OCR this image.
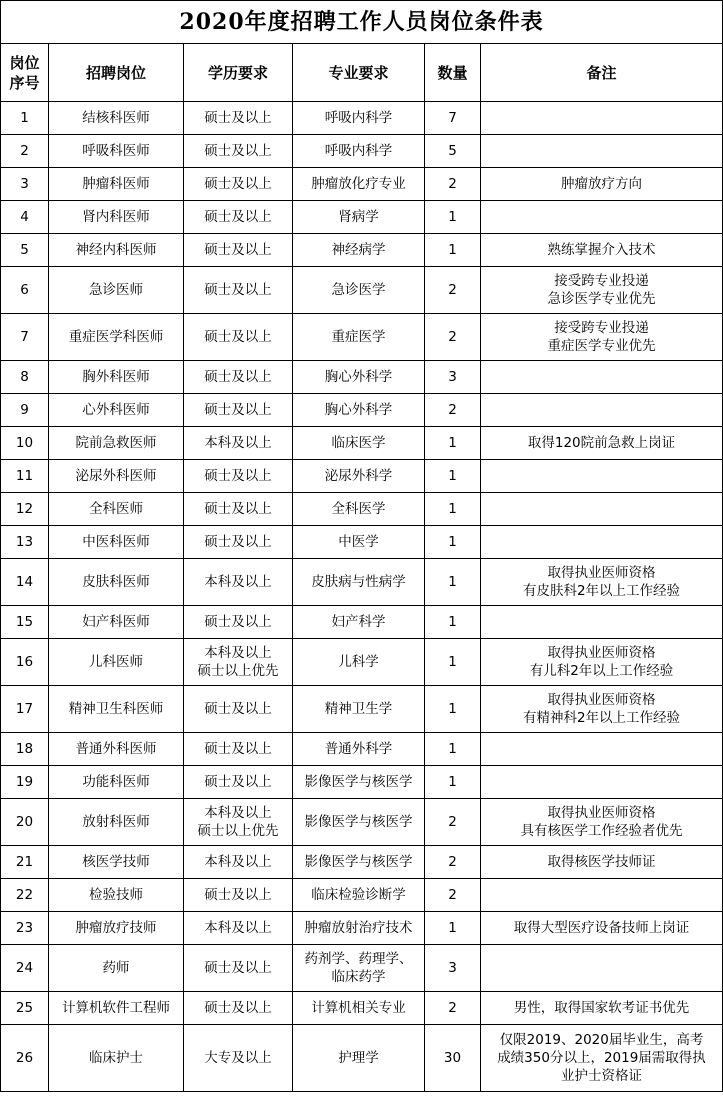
2020年度招聘工作人员岗位条件表					

岗位
序号	招聘岗位	学历要求	专业要求	数量	备注
1	结核科医师	硕士及以上	呼吸内科学	7	
2	呼吸科医师	硕士及以上	呼吸内科学	5	
3	肿瘤科医师	硕士及以上	肿瘤放化疗专业	2	肿瘤放疗方向

4	肾内科医师	硕士及以上	肾病学	1	
5	神经内科医师	硕士及以上	神经病学	1	熟练掌握介入技术

6	急诊医师	硕士及以上	急诊医学	2	接受跨专业投递
急诊医学专业优先

7	重症医学科医师	硕士及以上	重症医学	2	接受跨专业投递
重症医学专业优先

8	胸外科医师	硕士及以上	胸心外科学	3	
9	心外科医师	硕士及以上	胸心外科学	2	
10	院前急救医师	本科及以上	临床医学	1	取得120院前急救上岗证

11	泌尿外科医师	硕士及以上	泌尿外科学	1	
12	全科医师	硕士及以上	全科医学	1	
13	中医科医师	硕士及以上	中医学	1	
14	皮肤科医师	本科及以上	皮肤病与性病学	1	取得执业医师资格
有皮肤科2年以上工作经验

15	妇产科医师	硕士及以上	妇产科学	1	
16	儿科医师	本科及以上
硕士以上优先	儿科学	1	取得执业医师资格
有儿科2年以上工作经验

17	精神卫生科医师	硕士及以上	精神卫生学	1	取得执业医师资格
有精神科2年以上工作经验

18	普通外科医师	硕士及以上	普通外科学	1	
19	功能科医师	硕士及以上	影像医学与核医学	1	
20	放射科医师	本科及以上
硕士以上优先	影像医学与核医学	2	取得执业医师资格
具有核医学工作经验者优先

21	核医学技师	本科及以上	影像医学与核医学	2	取得核医学技师证

22	检验技师	硕士及以上	临床检验诊断学	2	
23	肿瘤放疗技师	本科及以上	肿瘤放射治疗技术	1	取得大型医疗设备技师上岗证

24	药师	硕士及以上	药剂学、药理学、
临床药学	3	
25	计算机软件工程师	硕士及以上	计算机相关专业	2	男性，取得国家软考证书优先

26	临床护士	大专及以上	护理学	30	仅限2019、2020届毕业生，高考
成绩350分以上，2019届需取得执
业护士资格证
